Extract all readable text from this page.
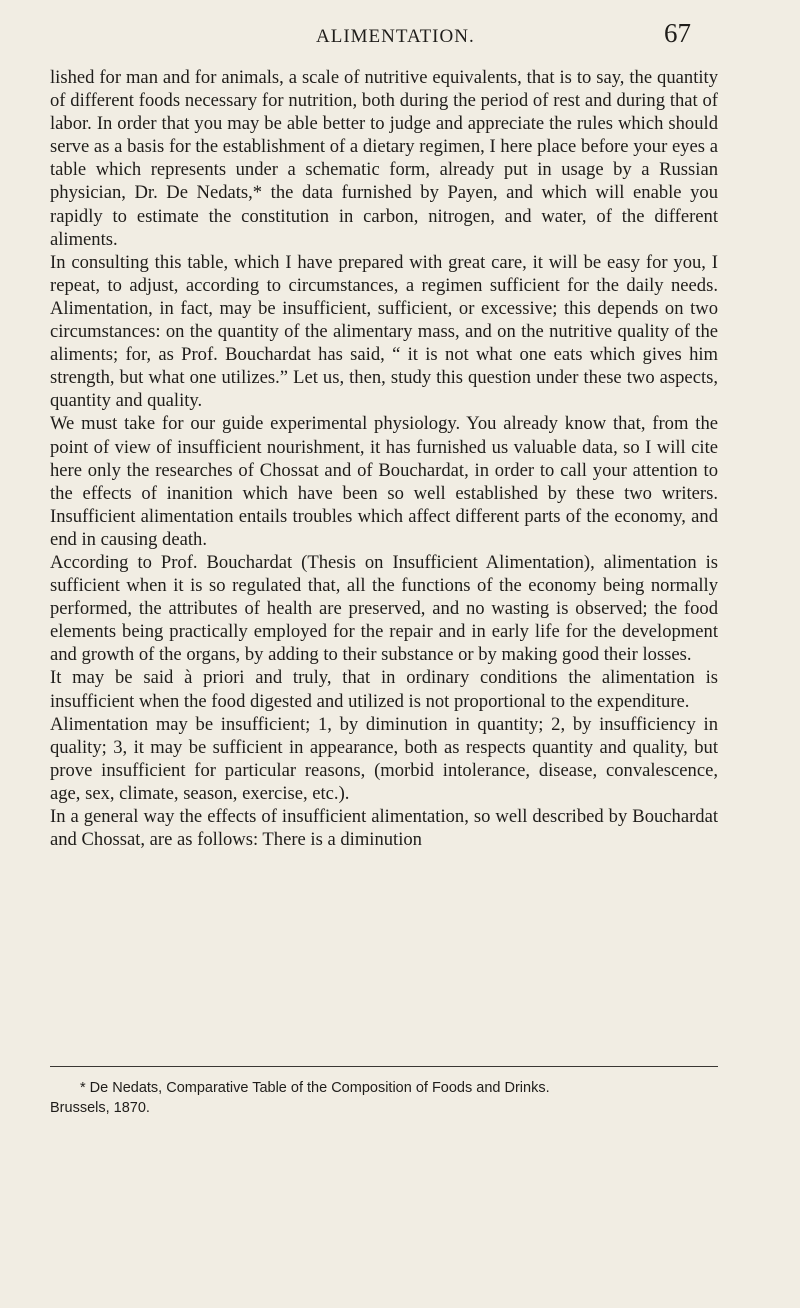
ALIMENTATION.	67

lished for man and for animals, a scale of nutritive equivalents, that is to say, the quantity of different foods necessary for nutrition, both during the period of rest and during that of labor. In order that you may be able better to judge and appreciate the rules which should serve as a basis for the establishment of a dietary regimen, I here place before your eyes a table which represents under a schematic form, already put in usage by a Russian physician, Dr. De Nedats,* the data furnished by Payen, and which will enable you rapidly to estimate the constitution in carbon, nitrogen, and water, of the different aliments.

In consulting this table, which I have prepared with great care, it will be easy for you, I repeat, to adjust, according to circumstances, a regimen sufficient for the daily needs. Alimentation, in fact, may be insufficient, sufficient, or excessive; this depends on two circumstances: on the quantity of the alimentary mass, and on the nutritive quality of the aliments; for, as Prof. Bouchardat has said, “ it is not what one eats which gives him strength, but what one utilizes.” Let us, then, study this question under these two aspects, quantity and quality.

We must take for our guide experimental physiology. You already know that, from the point of view of insufficient nourishment, it has furnished us valuable data, so I will cite here only the researches of Chossat and of Bouchardat, in order to call your attention to the effects of inanition which have been so well established by these two writers. Insufficient alimentation entails troubles which affect different parts of the economy, and end in causing death.

According to Prof. Bouchardat (Thesis on Insufficient Alimentation), alimentation is sufficient when it is so regulated that, all the functions of the economy being normally performed, the attributes of health are preserved, and no wasting is observed; the food elements being practically employed for the repair and in early life for the development and growth of the organs, by adding to their substance or by making good their losses.

It may be said à priori and truly, that in ordinary conditions the alimentation is insufficient when the food digested and utilized is not proportional to the expenditure.

Alimentation may be insufficient; 1, by diminution in quantity; 2, by insufficiency in quality; 3, it may be sufficient in appearance, both as respects quantity and quality, but prove insufficient for particular reasons, (morbid intolerance, disease, convalescence, age, sex, climate, season, exercise, etc.).

In a general way the effects of insufficient alimentation, so well described by Bouchardat and Chossat, are as follows: There is a diminution

* De Nedats, Comparative Table of the Composition of Foods and Drinks.
Brussels, 1870.
